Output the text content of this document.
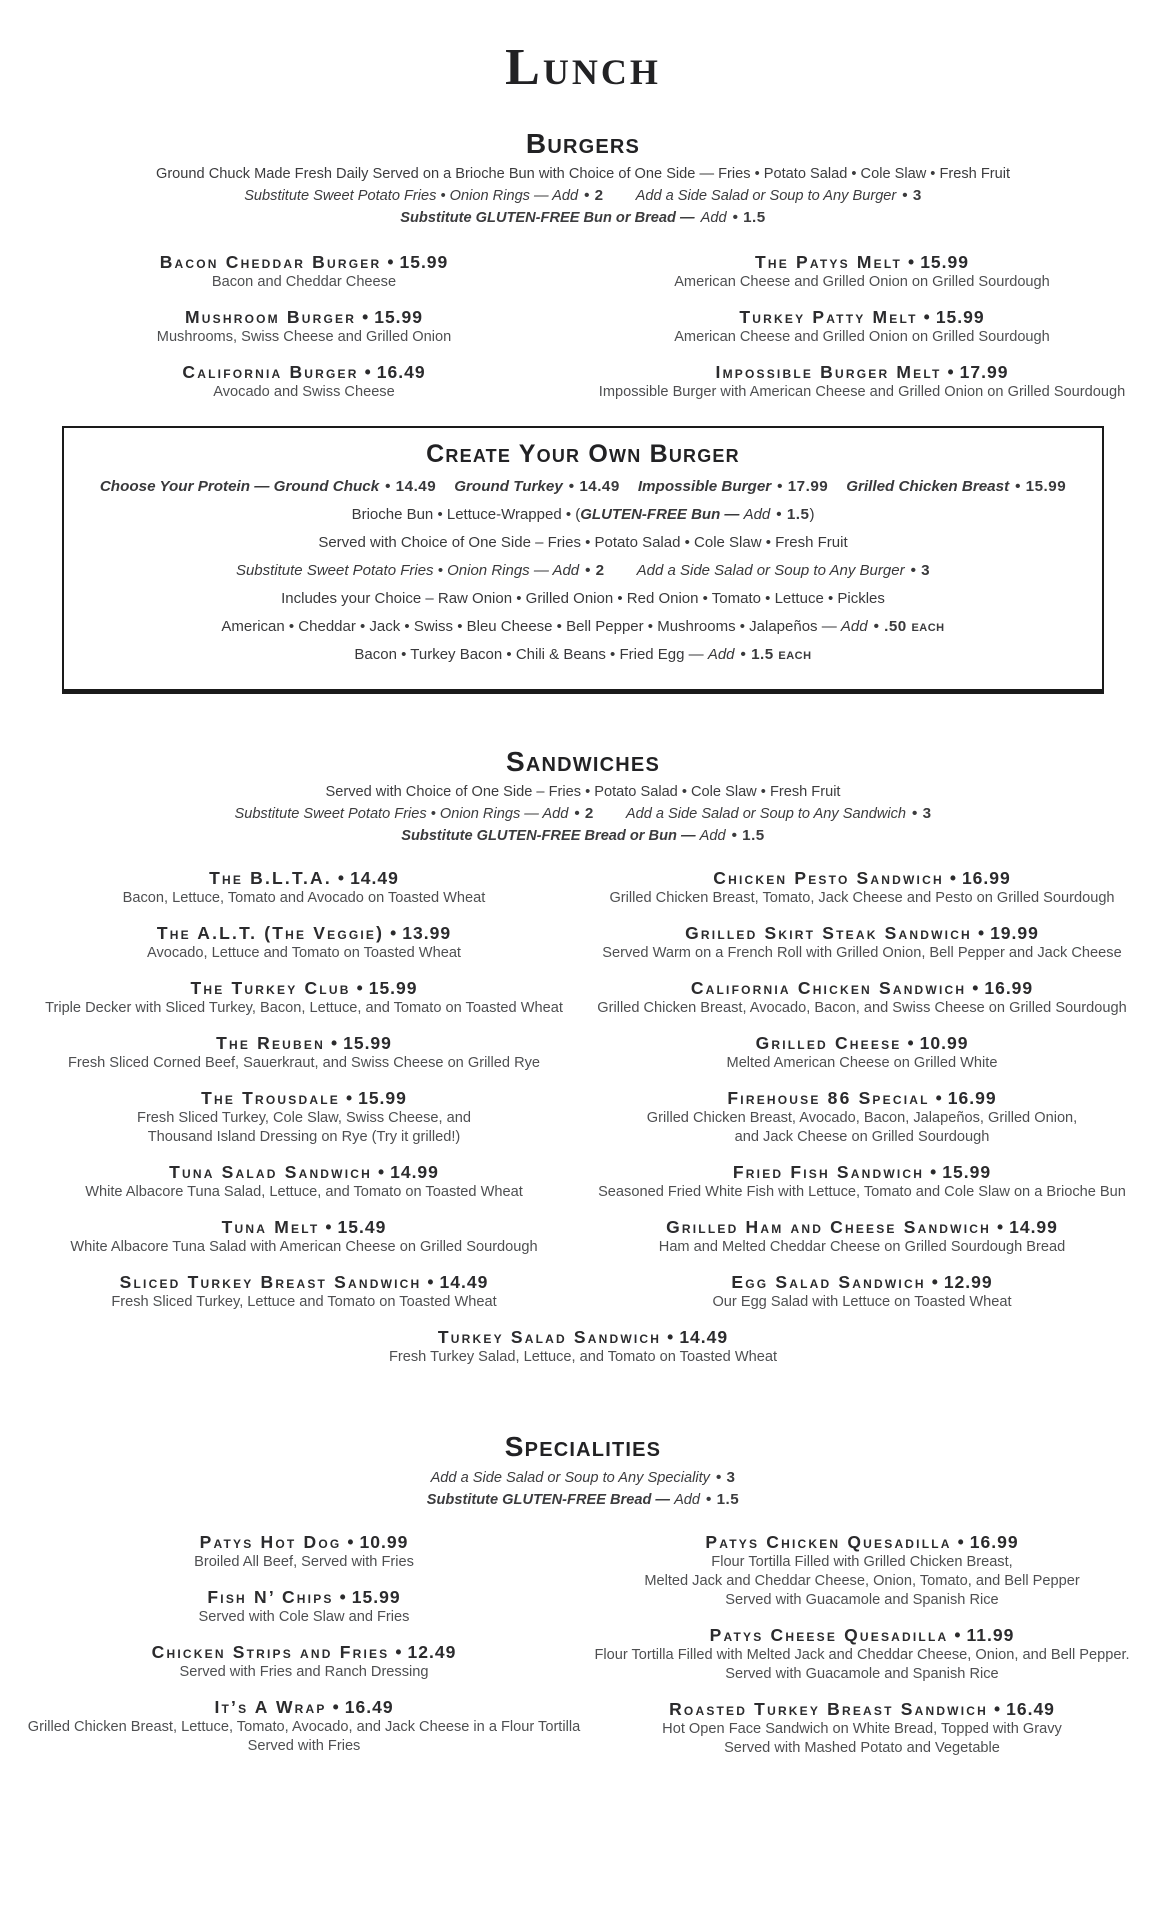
Lunch
Burgers
Ground Chuck Made Fresh Daily Served on a Brioche Bun with Choice of One Side — Fries • Potato Salad • Cole Slaw • Fresh Fruit
Substitute Sweet Potato Fries • Onion Rings — Add • 2 Add a Side Salad or Soup to Any Burger • 3
Substitute GLUTEN-FREE Bun or Bread — Add • 1.5
Bacon Cheddar Burger • 15.99
Bacon and Cheddar Cheese
Mushroom Burger • 15.99
Mushrooms, Swiss Cheese and Grilled Onion
California Burger • 16.49
Avocado and Swiss Cheese
The Patys Melt • 15.99
American Cheese and Grilled Onion on Grilled Sourdough
Turkey Patty Melt • 15.99
American Cheese and Grilled Onion on Grilled Sourdough
Impossible Burger Melt • 17.99
Impossible Burger with American Cheese and Grilled Onion on Grilled Sourdough
Create Your Own Burger
Choose Your Protein — Ground Chuck • 14.49 Ground Turkey • 14.49 Impossible Burger • 17.99 Grilled Chicken Breast • 15.99
Brioche Bun • Lettuce-Wrapped • (GLUTEN-FREE Bun — Add • 1.5)
Served with Choice of One Side – Fries • Potato Salad • Cole Slaw • Fresh Fruit
Substitute Sweet Potato Fries • Onion Rings — Add • 2 Add a Side Salad or Soup to Any Burger • 3
Includes your Choice – Raw Onion • Grilled Onion • Red Onion • Tomato • Lettuce • Pickles
American • Cheddar • Jack • Swiss • Bleu Cheese • Bell Pepper • Mushrooms • Jalapeños — Add • .50 each
Bacon • Turkey Bacon • Chili & Beans • Fried Egg — Add • 1.5 each
Sandwiches
Served with Choice of One Side – Fries • Potato Salad • Cole Slaw • Fresh Fruit
Substitute Sweet Potato Fries • Onion Rings — Add • 2 Add a Side Salad or Soup to Any Sandwich • 3
Substitute GLUTEN-FREE Bread or Bun — Add • 1.5
The B.L.T.A. • 14.49
Bacon, Lettuce, Tomato and Avocado on Toasted Wheat
The A.L.T. (The Veggie) • 13.99
Avocado, Lettuce and Tomato on Toasted Wheat
The Turkey Club • 15.99
Triple Decker with Sliced Turkey, Bacon, Lettuce, and Tomato on Toasted Wheat
The Reuben • 15.99
Fresh Sliced Corned Beef, Sauerkraut, and Swiss Cheese on Grilled Rye
The Trousdale • 15.99
Fresh Sliced Turkey, Cole Slaw, Swiss Cheese, and
Thousand Island Dressing on Rye (Try it grilled!)
Tuna Salad Sandwich • 14.99
White Albacore Tuna Salad, Lettuce, and Tomato on Toasted Wheat
Tuna Melt • 15.49
White Albacore Tuna Salad with American Cheese on Grilled Sourdough
Sliced Turkey Breast Sandwich • 14.49
Fresh Sliced Turkey, Lettuce and Tomato on Toasted Wheat
Chicken Pesto Sandwich • 16.99
Grilled Chicken Breast, Tomato, Jack Cheese and Pesto on Grilled Sourdough
Grilled Skirt Steak Sandwich • 19.99
Served Warm on a French Roll with Grilled Onion, Bell Pepper and Jack Cheese
California Chicken Sandwich • 16.99
Grilled Chicken Breast, Avocado, Bacon, and Swiss Cheese on Grilled Sourdough
Grilled Cheese • 10.99
Melted American Cheese on Grilled White
Firehouse 86 Special • 16.99
Grilled Chicken Breast, Avocado, Bacon, Jalapeños, Grilled Onion,
and Jack Cheese on Grilled Sourdough
Fried Fish Sandwich • 15.99
Seasoned Fried White Fish with Lettuce, Tomato and Cole Slaw on a Brioche Bun
Grilled Ham and Cheese Sandwich • 14.99
Ham and Melted Cheddar Cheese on Grilled Sourdough Bread
Egg Salad Sandwich • 12.99
Our Egg Salad with Lettuce on Toasted Wheat
Turkey Salad Sandwich • 14.49
Fresh Turkey Salad, Lettuce, and Tomato on Toasted Wheat
Specialities
Add a Side Salad or Soup to Any Speciality • 3
Substitute GLUTEN-FREE Bread — Add • 1.5
Patys Hot Dog • 10.99
Broiled All Beef, Served with Fries
Fish N’ Chips • 15.99
Served with Cole Slaw and Fries
Chicken Strips and Fries • 12.49
Served with Fries and Ranch Dressing
It’s A Wrap • 16.49
Grilled Chicken Breast, Lettuce, Tomato, Avocado, and Jack Cheese in a Flour Tortilla
Served with Fries
Patys Chicken Quesadilla • 16.99
Flour Tortilla Filled with Grilled Chicken Breast,
Melted Jack and Cheddar Cheese, Onion, Tomato, and Bell Pepper
Served with Guacamole and Spanish Rice
Patys Cheese Quesadilla • 11.99
Flour Tortilla Filled with Melted Jack and Cheddar Cheese, Onion, and Bell Pepper.
Served with Guacamole and Spanish Rice
Roasted Turkey Breast Sandwich • 16.49
Hot Open Face Sandwich on White Bread, Topped with Gravy
Served with Mashed Potato and Vegetable
